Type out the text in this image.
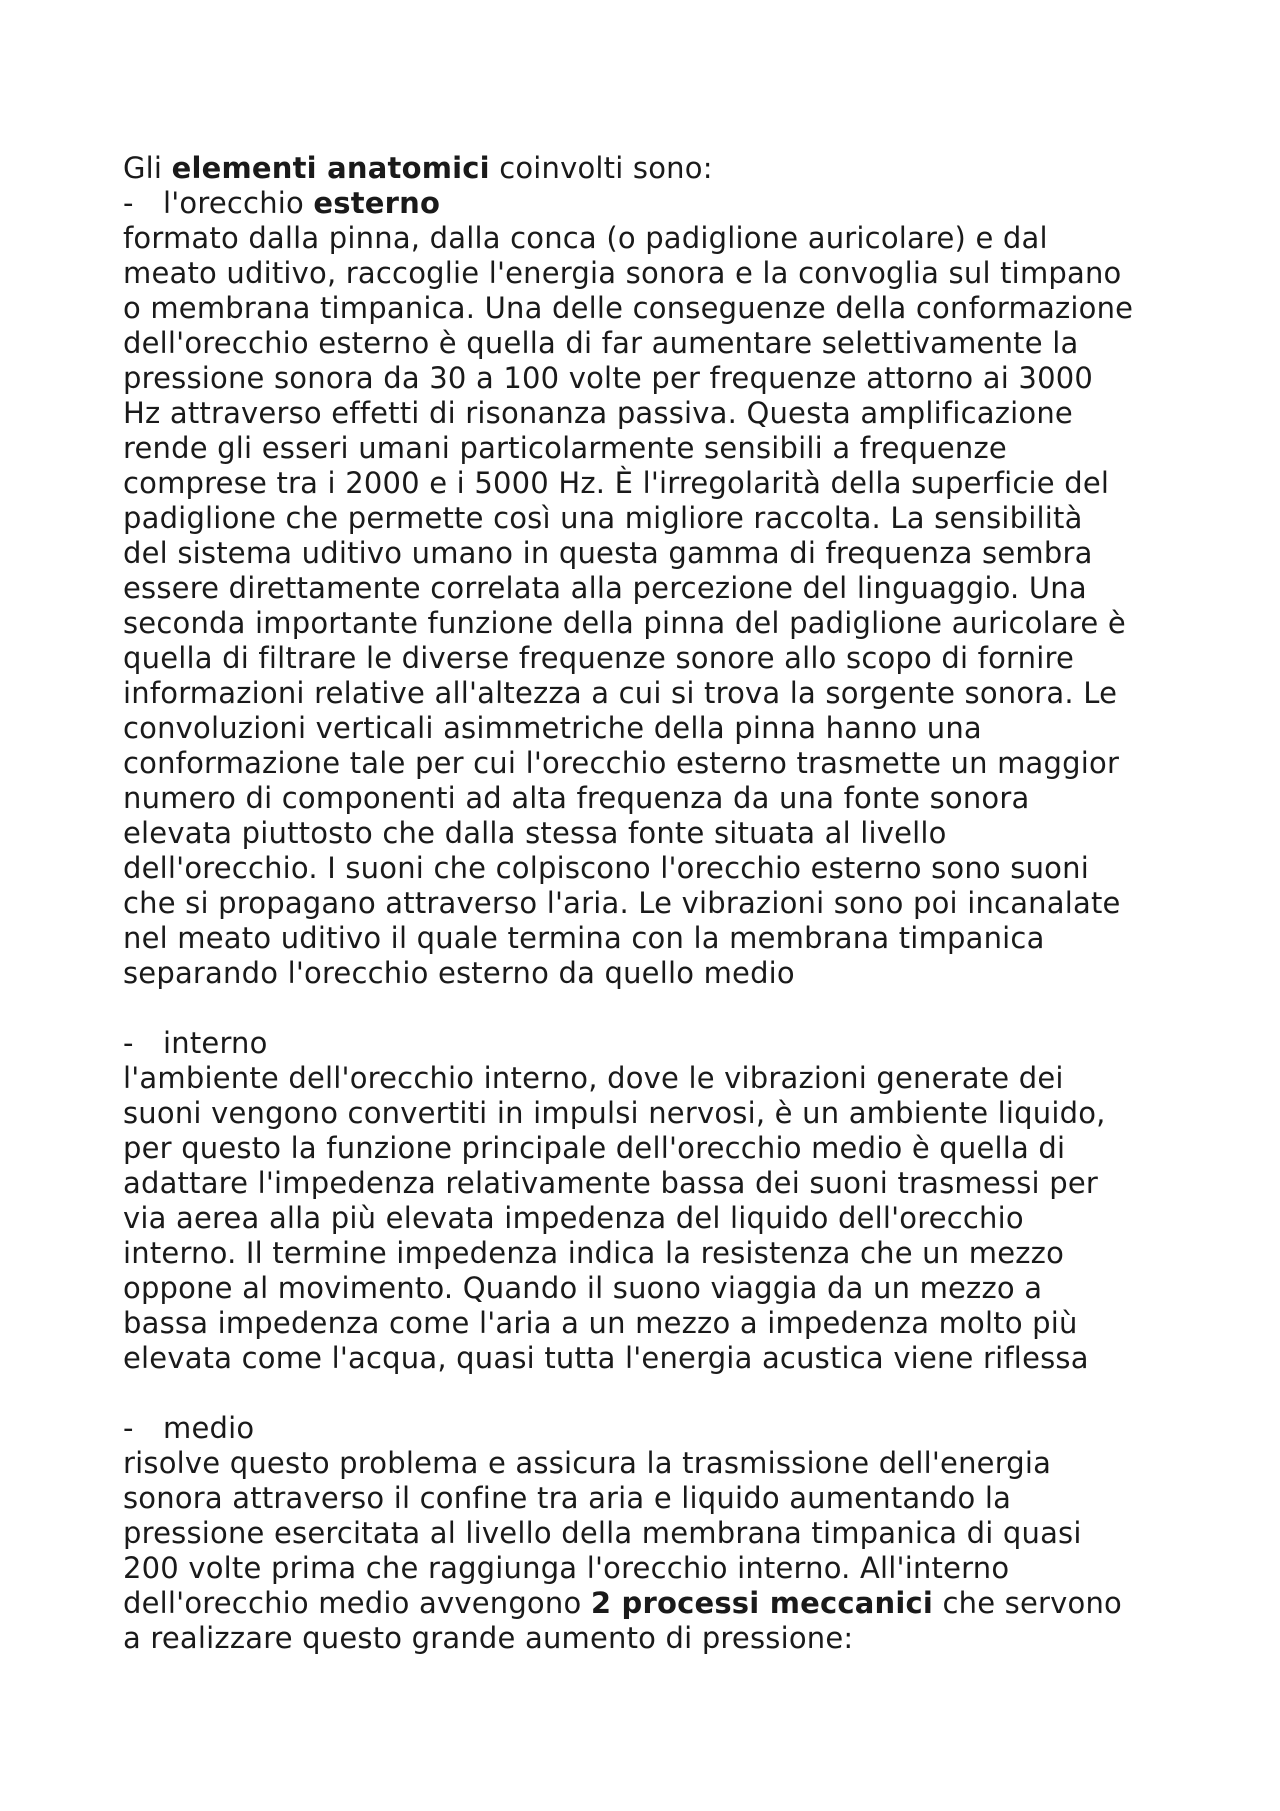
Gli elementi anatomici coinvolti sono:
- l'orecchio esterno
formato dalla pinna, dalla conca (o padiglione auricolare) e dal
meato uditivo, raccoglie l'energia sonora e la convoglia sul timpano
o membrana timpanica. Una delle conseguenze della conformazione
dell'orecchio esterno è quella di far aumentare selettivamente la
pressione sonora da 30 a 100 volte per frequenze attorno ai 3000
Hz attraverso effetti di risonanza passiva. Questa amplificazione
rende gli esseri umani particolarmente sensibili a frequenze
comprese tra i 2000 e i 5000 Hz. È l'irregolarità della superficie del
padiglione che permette così una migliore raccolta. La sensibilità
del sistema uditivo umano in questa gamma di frequenza sembra
essere direttamente correlata alla percezione del linguaggio. Una
seconda importante funzione della pinna del padiglione auricolare è
quella di filtrare le diverse frequenze sonore allo scopo di fornire
informazioni relative all'altezza a cui si trova la sorgente sonora. Le
convoluzioni verticali asimmetriche della pinna hanno una
conformazione tale per cui l'orecchio esterno trasmette un maggior
numero di componenti ad alta frequenza da una fonte sonora
elevata piuttosto che dalla stessa fonte situata al livello
dell'orecchio. I suoni che colpiscono l'orecchio esterno sono suoni
che si propagano attraverso l'aria. Le vibrazioni sono poi incanalate
nel meato uditivo il quale termina con la membrana timpanica
separando l'orecchio esterno da quello medio
- interno
l'ambiente dell'orecchio interno, dove le vibrazioni generate dei
suoni vengono convertiti in impulsi nervosi, è un ambiente liquido,
per questo la funzione principale dell'orecchio medio è quella di
adattare l'impedenza relativamente bassa dei suoni trasmessi per
via aerea alla più elevata impedenza del liquido dell'orecchio
interno. Il termine impedenza indica la resistenza che un mezzo
oppone al movimento. Quando il suono viaggia da un mezzo a
bassa impedenza come l'aria a un mezzo a impedenza molto più
elevata come l'acqua, quasi tutta l'energia acustica viene riflessa
- medio
risolve questo problema e assicura la trasmissione dell'energia
sonora attraverso il confine tra aria e liquido aumentando la
pressione esercitata al livello della membrana timpanica di quasi
200 volte prima che raggiunga l'orecchio interno. All'interno
dell'orecchio medio avvengono 2 processi meccanici che servono
a realizzare questo grande aumento di pressione:
